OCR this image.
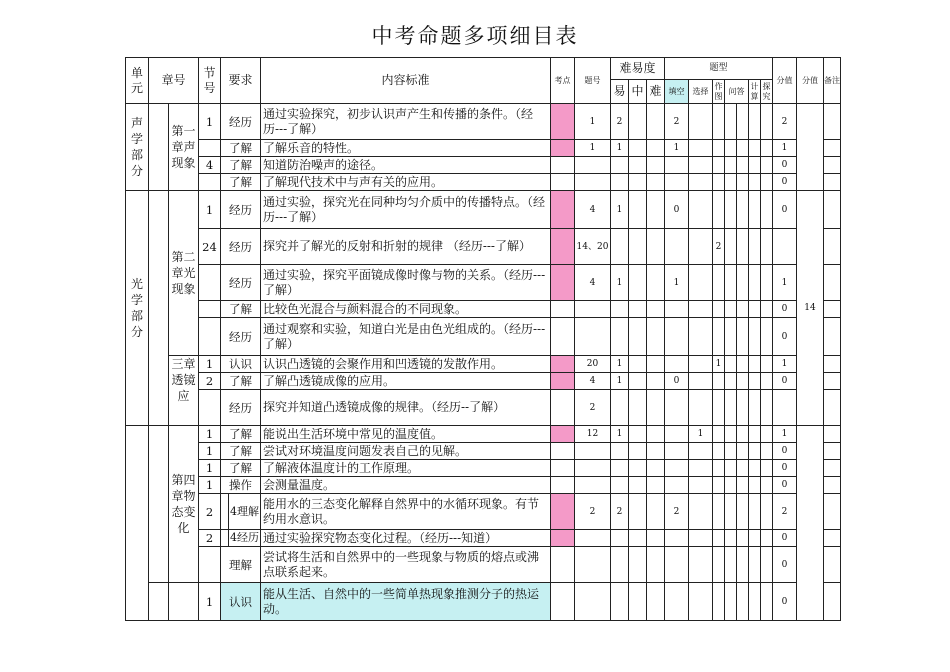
中考命题多项细目表
单元	章号		节号	要求		内容标准	考点	题号	难易度			题型							分值	分值	备注
									易	中	难	填空	选择	作图	问答		计算	探究			
声学部分		第一章声现象	1	经历		通过实验探究，初步认识声产生和传播的条件。（经历---了解）		1	2			2							2		
				了解		了解乐音的特性。		1	1			1							1		
			4	了解		知道防治噪声的途径。													0		
				了解		了解现代技术中与声有关的应用。													0		
光学部分		第二章光现象	1	经历		通过实验，探究光在同种均匀介质中的传播特点。（经历---了解）		4	1			0							0	14	
			24	经历		探究并了解光的反射和折射的规律 （经历---了解）		14、20						2							
				经历		通过实验，探究平面镜成像时像与物的关系。（经历---了解）		4	1			1							1		
				了解		比较色光混合与颜料混合的不同现象。													0		
				经历		通过观察和实验，知道白光是由色光组成的。（经历---了解）													0		
		三章透镜应	1	认识		认识凸透镜的会聚作用和凹透镜的发散作用。		20	1					1					1		
			2	了解		了解凸透镜成像的应用。		4	1			0							0		
				经历		探究并知道凸透镜成像的规律。（经历--了解）		2													
		第四章物态变化	1	了解		能说出生活环境中常见的温度值。		12	1				1						1		
			1	了解		尝试对环境温度问题发表自己的见解。													0		
			1	了解		了解液体温度计的工作原理。													0		
			1	操作		会测量温度。													0		
			2		4理解	能用水的三态变化解释自然界中的水循环现象。有节约用水意识。		2	2			2							2		
			2		4经历	通过实验探究物态变化过程。（经历---知道）													0		
				理解		尝试将生活和自然界中的一些现象与物质的熔点或沸点联系起来。													0		
			1	认识		能从生活、自然中的一些简单热现象推测分子的热运动。													0		
